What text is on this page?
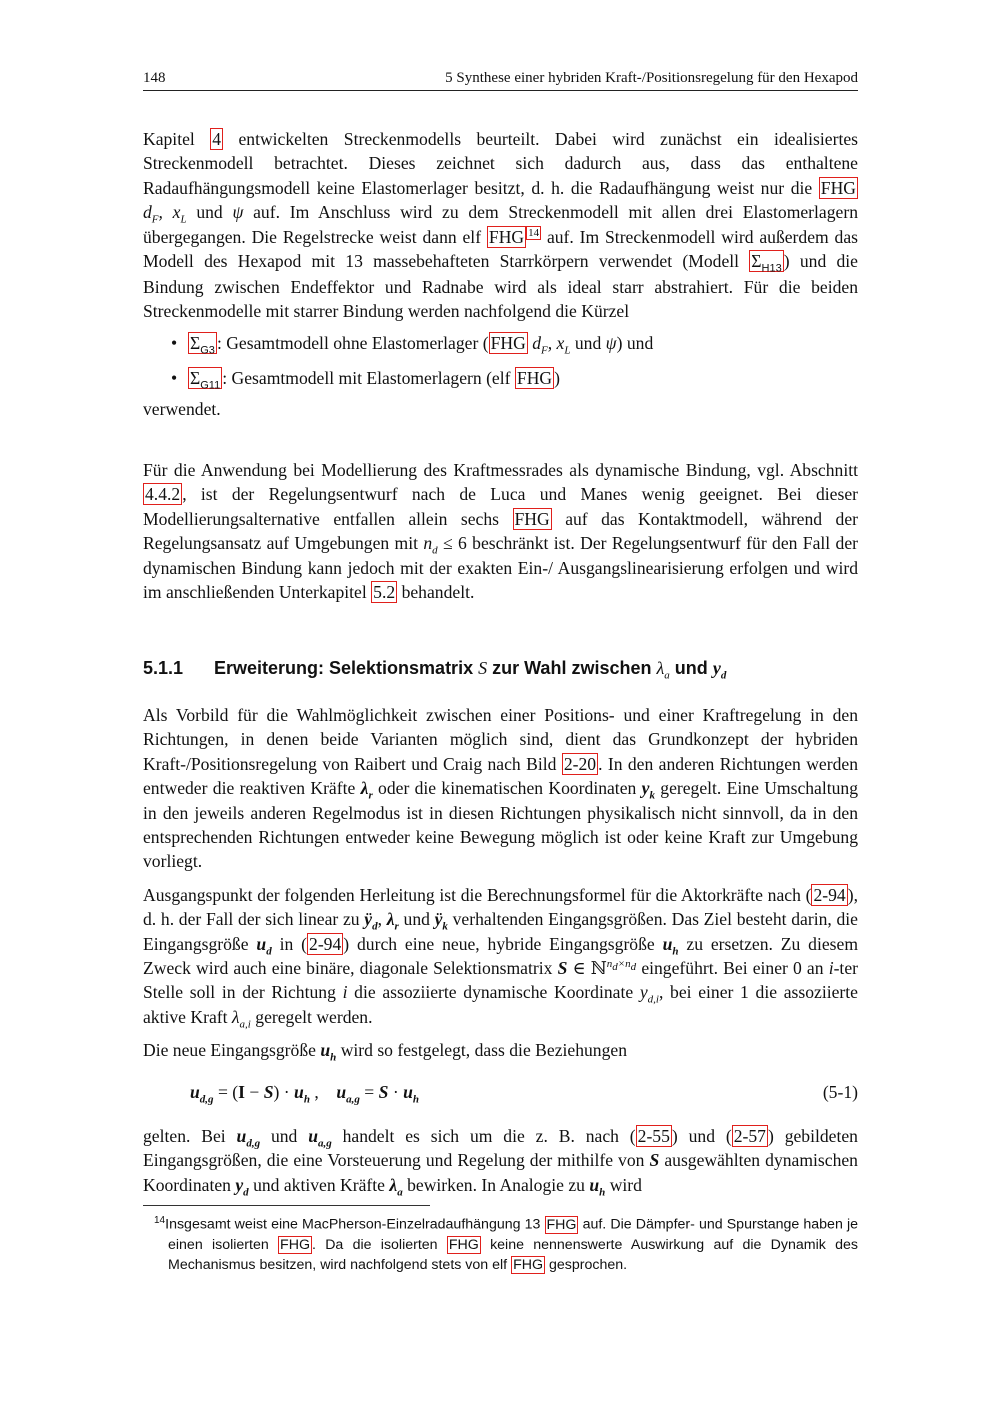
148	5 Synthese einer hybriden Kraft-/Positionsregelung für den Hexapod

Kapitel 4 entwickelten Streckenmodells beurteilt. Dabei wird zunächst ein idealisiertes Streckenmodell betrachtet. Dieses zeichnet sich dadurch aus, dass das enthaltene Radaufhängungsmodell keine Elastomerlager besitzt, d. h. die Radaufhängung weist nur die FHG $d_F$, $x_L$ und ψ auf. Im Anschluss wird zu dem Streckenmodell mit allen drei Elastomerlagern übergegangen. Die Regelstrecke weist dann elf FHG $^{14}$ auf. Im Streckenmodell wird außerdem das Modell des Hexapod mit 13 massebehafteten Starrkörpern verwendet (Modell $\Sigma_{H13}$ ) und die Bindung zwischen Endeffektor und Radnabe wird als ideal starr abstrahiert. Für die beiden Streckenmodelle mit starrer Bindung werden nachfolgend die Kürzel

• $\Sigma_{G3}$ : Gesamtmodell ohne Elastomerlager ( FHG $d_F$, $x_L$ und ψ) und
• $\Sigma_{G11}$ : Gesamtmodell mit Elastomerlagern (elf FHG )

verwendet.

Für die Anwendung bei Modellierung des Kraftmessrades als dynamische Bindung, vgl. Abschnitt 4.4.2 , ist der Regelungsentwurf nach de Luca und Manes wenig geeignet. Bei dieser Modellierungsalternative entfallen allein sechs FHG auf das Kontaktmodell, während der Regelungsansatz auf Umgebungen mit $n_d \le 6$ beschränkt ist. Der Regelungsentwurf für den Fall der dynamischen Bindung kann jedoch mit der exakten Ein-/ Ausgangslinearisierung erfolgen und wird im anschließenden Unterkapitel 5.2 behandelt.

5.1.1 Erweiterung: Selektionsmatrix S zur Wahl zwischen $\lambda_a$ und $y_d$

Als Vorbild für die Wahlmöglichkeit zwischen einer Positions- und einer Kraftregelung in den Richtungen, in denen beide Varianten möglich sind, dient das Grundkonzept der hybriden Kraft-/Positionsregelung von Raibert und Craig nach Bild 2-20 . In den anderen Richtungen werden entweder die reaktiven Kräfte $\lambda_r$ oder die kinematischen Koordinaten $y_k$ geregelt. Eine Umschaltung in den jeweils anderen Regelmodus ist in diesen Richtungen physikalisch nicht sinnvoll, da in den entsprechenden Richtungen entweder keine Bewegung möglich ist oder keine Kraft zur Umgebung vorliegt.

Ausgangspunkt der folgenden Herleitung ist die Berechnungsformel für die Aktorkräfte nach ( 2-94 ), d. h. der Fall der sich linear zu $ÿ_d$, $\lambda_r$ und $ÿ_k$ verhaltenden Eingangsgrößen. Das Ziel besteht darin, die Eingangsgröße $u_d$ in ( 2-94 ) durch eine neue, hybride Eingangsgröße $u_h$ zu ersetzen. Zu diesem Zweck wird auch eine binäre, diagonale Selektionsmatrix S ∈ ℕ$^{n_d\times n_d}$ eingeführt. Bei einer 0 an i-ter Stelle soll in der Richtung i die assoziierte dynamische Koordinate $y_{d,i}$, bei einer 1 die assoziierte aktive Kraft $\lambda_{a,i}$ geregelt werden.

Die neue Eingangsgröße $u_h$ wird so festgelegt, dass die Beziehungen

$u_{d,g} = (I - S) \cdot u_h$ ,    $u_{a,g} = S \cdot u_h$	(5-1)

gelten. Bei $u_{d,g}$ und $u_{a,g}$ handelt es sich um die z. B. nach ( 2-55 ) und ( 2-57 ) gebildeten Eingangsgrößen, die eine Vorsteuerung und Regelung der mithilfe von S ausgewählten dynamischen Koordinaten $y_d$ und aktiven Kräfte $\lambda_a$ bewirken. In Analogie zu $u_h$ wird

$^{14}$Insgesamt weist eine MacPherson-Einzelradaufhängung 13 FHG auf. Die Dämpfer- und Spurstange haben je einen isolierten FHG . Da die isolierten FHG keine nennenswerte Auswirkung auf die Dynamik des Mechanismus besitzen, wird nachfolgend stets von elf FHG gesprochen.
